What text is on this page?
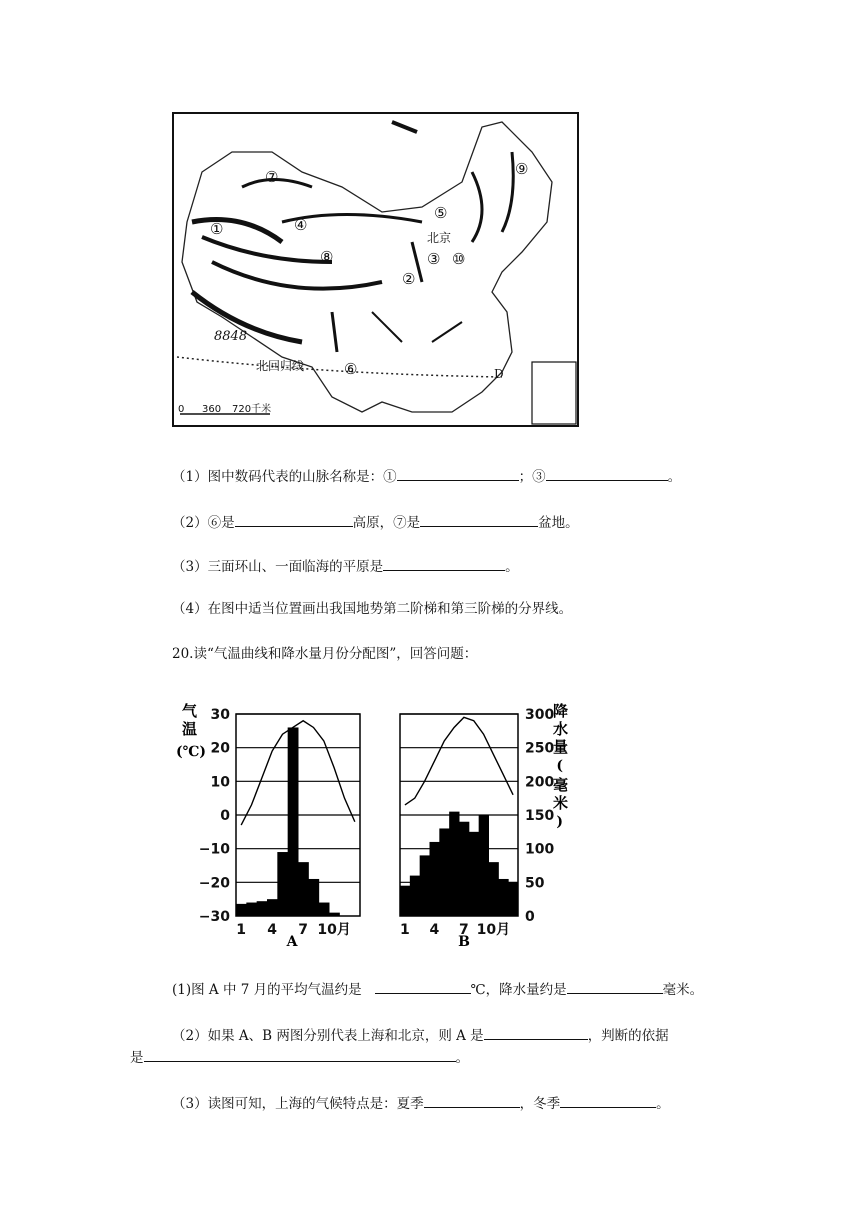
0 360 720千米
①
②
③
④
⑤
⑥
⑦
⑧
⑨
⑩
北京
8848
北回归线
D
（1）图中数码代表的山脉名称是：①	；③	。
（2）⑥是	高原，⑦是	盆地。
（3）三面环山、一面临海的平原是	。
（4）在图中适当位置画出我国地势第二阶梯和第三阶梯的分界线。
20.读“气温曲线和降水量月份分配图”，回答问题：
气
温
(℃)
降
水
量
(
毫
米
)
30
20
10
0
−10
−20
−30
300
250
200
150
100
50
0
1 4 7 10月	1 4 7 10月
A	B
(1)图 A 中 7 月的平均气温约是	℃，降水量约是	毫米。
（2）如果 A、B 两图分别代表上海和北京，则 A 是	，判断的依据
是	。
（3）读图可知，上海的气候特点是：夏季	，冬季	。
